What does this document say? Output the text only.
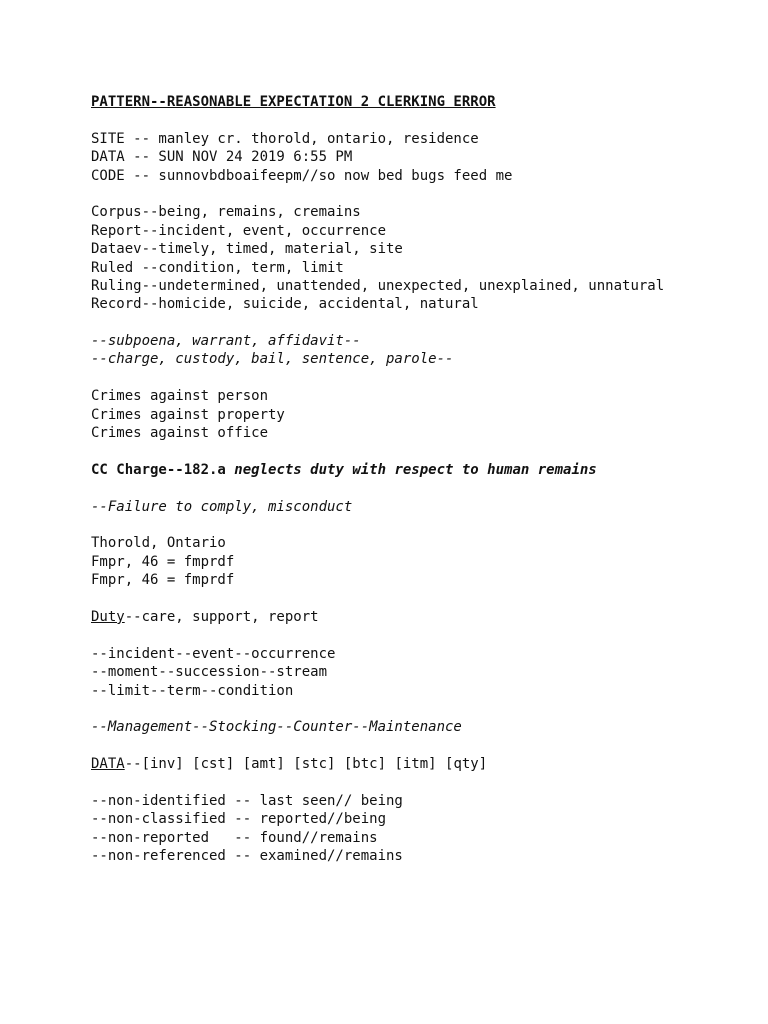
PATTERN--REASONABLE EXPECTATION 2 CLERKING ERROR
SITE -- manley cr. thorold, ontario, residence
DATA -- SUN NOV 24 2019 6:55 PM
CODE -- sunnovbdboaifeepm//so now bed bugs feed me
Corpus--being, remains, cremains
Report--incident, event, occurrence
Dataev--timely, timed, material, site
Ruled --condition, term, limit
Ruling--undetermined, unattended, unexpected, unexplained, unnatural
Record--homicide, suicide, accidental, natural
--subpoena, warrant, affidavit--
--charge, custody, bail, sentence, parole--
Crimes against person
Crimes against property
Crimes against office
CC Charge--182.a neglects duty with respect to human remains
--Failure to comply, misconduct
Thorold, Ontario
Fmpr, 46 = fmprdf
Fmpr, 46 = fmprdf
Duty--care, support, report
--incident--event--occurrence
--moment--succession--stream
--limit--term--condition
--Management--Stocking--Counter--Maintenance
DATA--[inv] [cst] [amt] [stc] [btc] [itm] [qty]
--non-identified -- last seen// being
--non-classified -- reported//being
--non-reported   -- found//remains
--non-referenced -- examined//remains
